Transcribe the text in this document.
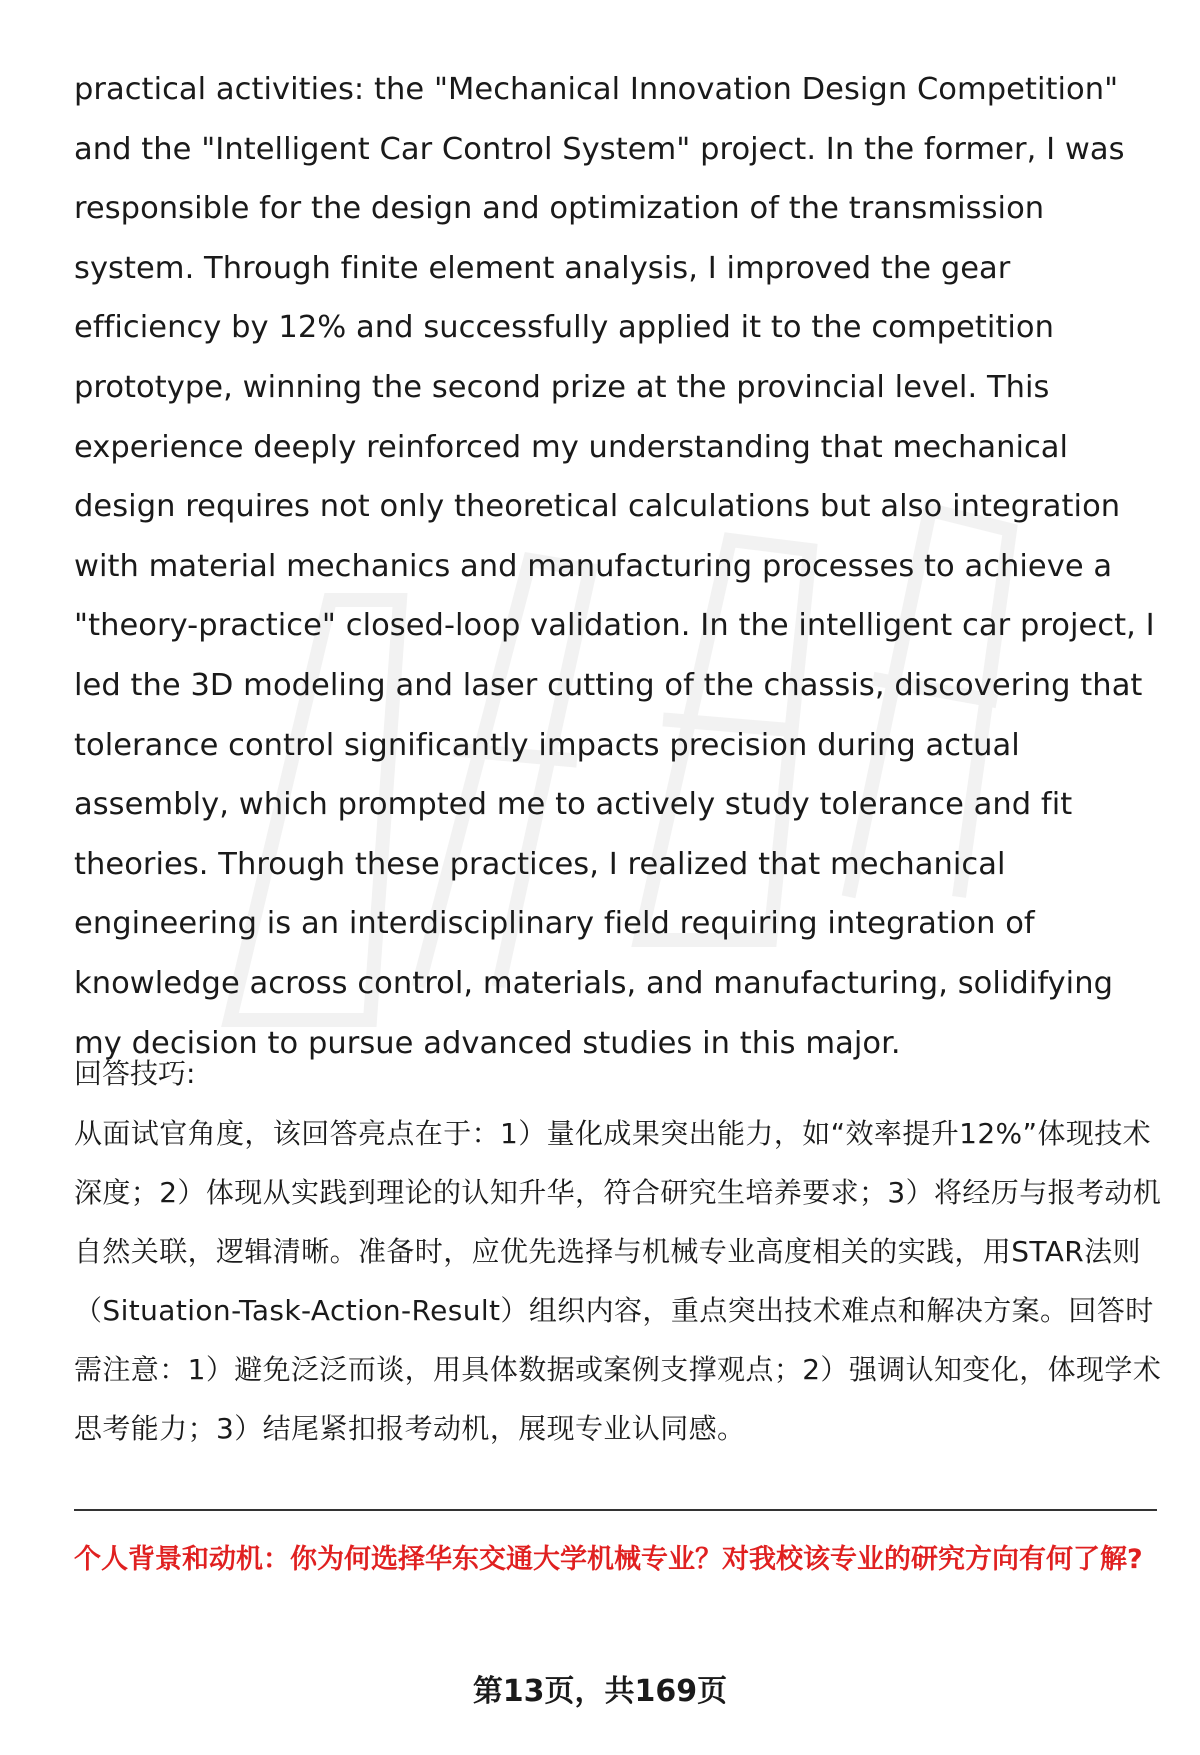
practical activities: the "Mechanical Innovation Design Competition" and the "Intelligent Car Control System" project. In the former, I was responsible for the design and optimization of the transmission system. Through finite element analysis, I improved the gear efficiency by 12% and successfully applied it to the competition prototype, winning the second prize at the provincial level. This experience deeply reinforced my understanding that mechanical design requires not only theoretical calculations but also integration with material mechanics and manufacturing processes to achieve a "theory-practice" closed-loop validation. In the intelligent car project, I led the 3D modeling and laser cutting of the chassis, discovering that tolerance control significantly impacts precision during actual assembly, which prompted me to actively study tolerance and fit theories. Through these practices, I realized that mechanical engineering is an interdisciplinary field requiring integration of knowledge across control, materials, and manufacturing, solidifying my decision to pursue advanced studies in this major.

回答技巧:

从面试官角度，该回答亮点在于：1）量化成果突出能力，如“效率提升12%”体现技术深度；2）体现从实践到理论的认知升华，符合研究生培养要求；3）将经历与报考动机自然关联，逻辑清晰。准备时，应优先选择与机械专业高度相关的实践，用STAR法则（Situation-Task-Action-Result）组织内容，重点突出技术难点和解决方案。回答时需注意：1）避免泛泛而谈，用具体数据或案例支撑观点；2）强调认知变化，体现学术思考能力；3）结尾紧扣报考动机，展现专业认同感。

个人背景和动机：你为何选择华东交通大学机械专业？对我校该专业的研究方向有何了解?

第13页，共169页
